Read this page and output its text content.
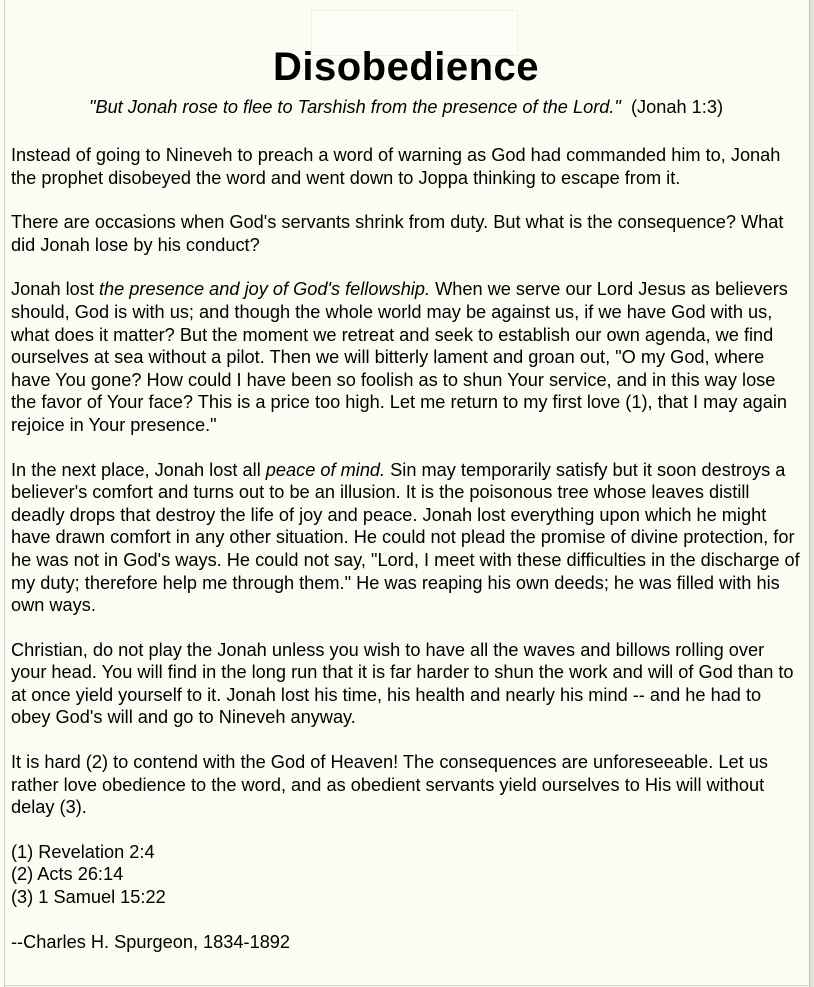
Disobedience
"But Jonah rose to flee to Tarshish from the presence of the Lord." (Jonah 1:3)

Instead of going to Nineveh to preach a word of warning as God had commanded him to, Jonah the prophet disobeyed the word and went down to Joppa thinking to escape from it.

There are occasions when God's servants shrink from duty. But what is the consequence? What did Jonah lose by his conduct?

Jonah lost the presence and joy of God's fellowship. When we serve our Lord Jesus as believers should, God is with us; and though the whole world may be against us, if we have God with us, what does it matter? But the moment we retreat and seek to establish our own agenda, we find ourselves at sea without a pilot. Then we will bitterly lament and groan out, "O my God, where have You gone? How could I have been so foolish as to shun Your service, and in this way lose the favor of Your face? This is a price too high. Let me return to my first love (1), that I may again rejoice in Your presence."

In the next place, Jonah lost all peace of mind. Sin may temporarily satisfy but it soon destroys a believer's comfort and turns out to be an illusion. It is the poisonous tree whose leaves distill deadly drops that destroy the life of joy and peace. Jonah lost everything upon which he might have drawn comfort in any other situation. He could not plead the promise of divine protection, for he was not in God's ways. He could not say, "Lord, I meet with these difficulties in the discharge of my duty; therefore help me through them." He was reaping his own deeds; he was filled with his own ways.

Christian, do not play the Jonah unless you wish to have all the waves and billows rolling over your head. You will find in the long run that it is far harder to shun the work and will of God than to at once yield yourself to it. Jonah lost his time, his health and nearly his mind -- and he had to obey God's will and go to Nineveh anyway.

It is hard (2) to contend with the God of Heaven! The consequences are unforeseeable. Let us rather love obedience to the word, and as obedient servants yield ourselves to His will without delay (3).

(1) Revelation 2:4
(2) Acts 26:14
(3) 1 Samuel 15:22

--Charles H. Spurgeon, 1834-1892
